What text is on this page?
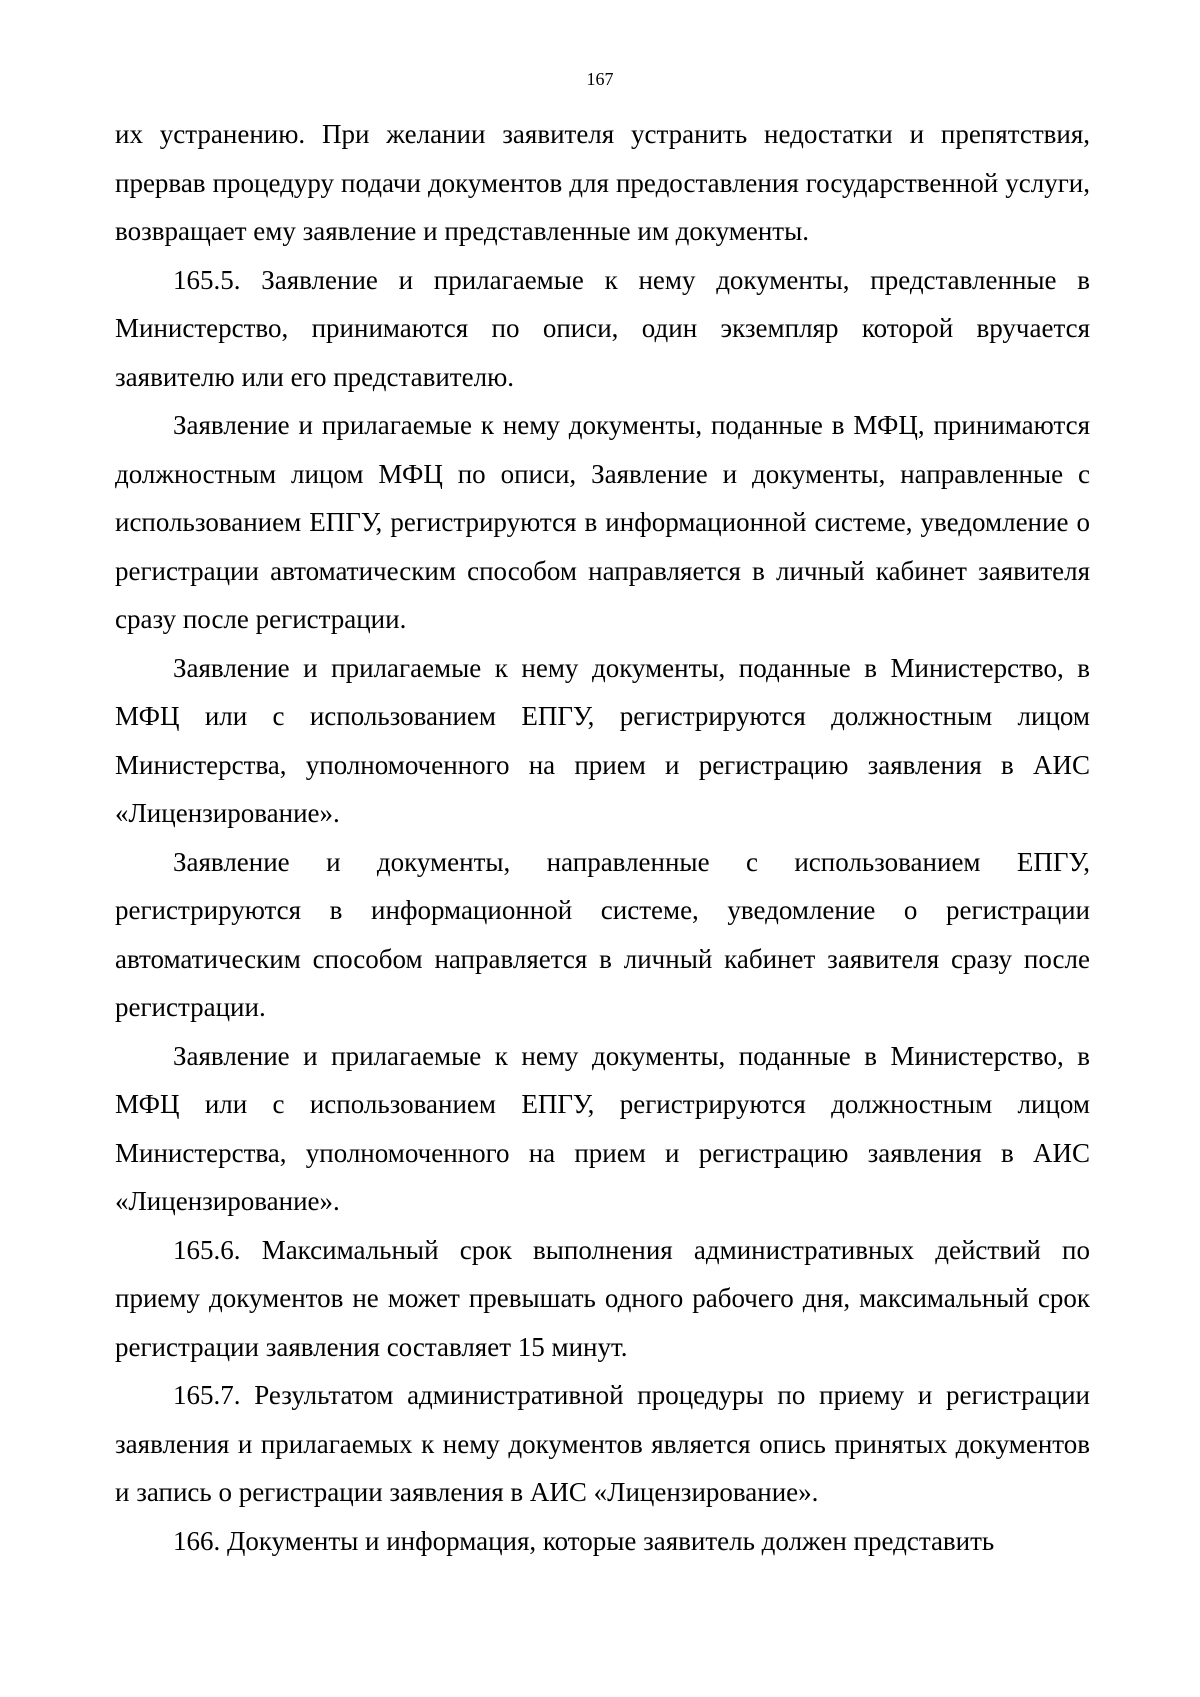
167

их устранению. При желании заявителя устранить недостатки и препятствия, прервав процедуру подачи документов для предоставления государственной услуги, возвращает ему заявление и представленные им документы.

165.5. Заявление и прилагаемые к нему документы, представленные в Министерство, принимаются по описи, один экземпляр которой вручается заявителю или его представителю.

Заявление и прилагаемые к нему документы, поданные в МФЦ, принимаются должностным лицом МФЦ по описи, Заявление и документы, направленные с использованием ЕПГУ, регистрируются в информационной системе, уведомление о регистрации автоматическим способом направляется в личный кабинет заявителя сразу после регистрации.

Заявление и прилагаемые к нему документы, поданные в Министерство, в МФЦ или с использованием ЕПГУ, регистрируются должностным лицом Министерства, уполномоченного на прием и регистрацию заявления в АИС «Лицензирование».

Заявление и документы, направленные с использованием ЕПГУ, регистрируются в информационной системе, уведомление о регистрации автоматическим способом направляется в личный кабинет заявителя сразу после регистрации.

Заявление и прилагаемые к нему документы, поданные в Министерство, в МФЦ или с использованием ЕПГУ, регистрируются должностным лицом Министерства, уполномоченного на прием и регистрацию заявления в АИС «Лицензирование».

165.6. Максимальный срок выполнения административных действий по приему документов не может превышать одного рабочего дня, максимальный срок регистрации заявления составляет 15 минут.

165.7. Результатом административной процедуры по приему и регистрации заявления и прилагаемых к нему документов является опись принятых документов и запись о регистрации заявления в АИС «Лицензирование».

166. Документы и информация, которые заявитель должен представить
